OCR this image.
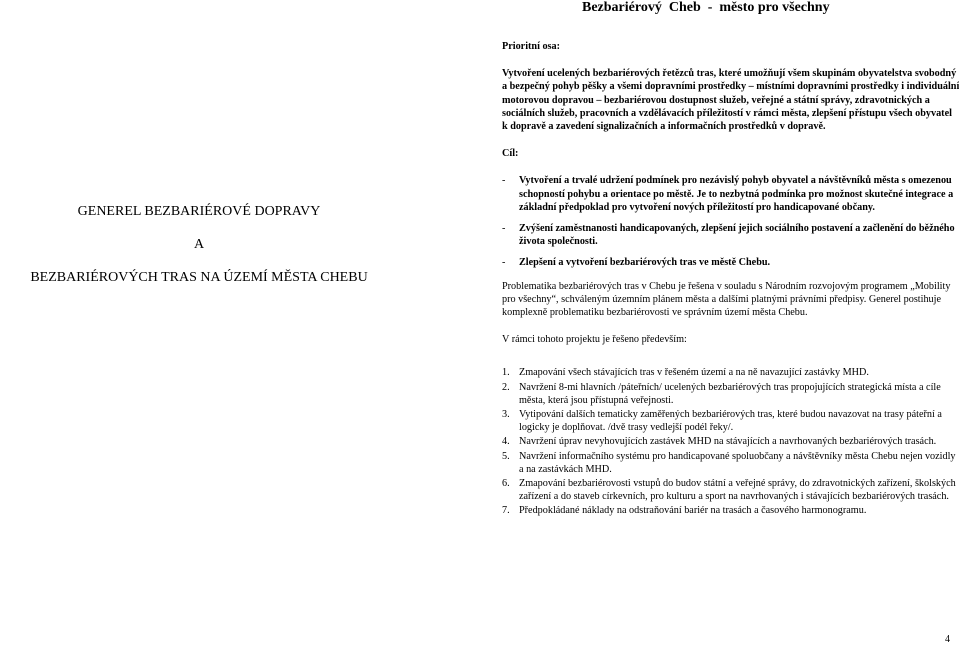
Bezbariérový  Cheb  -  město pro všechny
GENEREL BEZBARIÉROVÉ DOPRAVY
A
BEZBARIÉROVÝCH TRAS NA ÚZEMÍ MĚSTA CHEBU
Prioritní osa:
Vytvoření ucelených bezbariérových řetězců tras, které umožňují všem skupinám obyvatelstva svobodný a bezpečný pohyb pěšky a všemi dopravními prostředky – místními dopravními prostředky i individuální motorovou dopravou – bezbariérovou dostupnost služeb, veřejné a státní správy, zdravotnických a sociálních služeb, pracovních a vzdělávacích příležitostí v rámci města, zlepšení přístupu všech obyvatel k dopravě a zavedení signalizačních a informačních prostředků v dopravě.
Cíl:
-	Vytvoření a trvalé udržení podmínek pro nezávislý pohyb obyvatel a návštěvníků města s omezenou schopností pohybu a orientace po městě. Je to nezbytná podmínka pro možnost skutečné integrace a základní předpoklad pro vytvoření nových příležitostí pro handicapované občany.
-	Zvýšení zaměstnanosti handicapovaných, zlepšení jejich sociálního postavení a začlenění do běžného života společnosti.
-	Zlepšení a vytvoření bezbariérových tras ve městě Chebu.
Problematika bezbariérových tras v Chebu je řešena v souladu s Národním rozvojovým programem „Mobility pro všechny“, schváleným územním plánem města a dalšími platnými právními předpisy. Generel postihuje komplexně problematiku bezbariérovosti ve správním území města Chebu.
V rámci tohoto projektu je řešeno především:
1. Zmapování všech stávajících tras v řešeném území a na ně navazující zastávky MHD.
2. Navržení 8-mi hlavních /páteřních/ ucelených bezbariérových tras propojujících strategická místa a cíle města, která jsou přístupná veřejnosti.
3. Vytipování dalších tematicky zaměřených bezbariérových tras, které budou navazovat na trasy páteřní a logicky je doplňovat. /dvě trasy vedlejší podél řeky/.
4. Navržení úprav nevyhovujících zastávek MHD na stávajících a navrhovaných bezbariérových trasách.
5. Navržení informačního systému pro handicapované spoluobčany a návštěvníky města Chebu nejen vozidly a na zastávkách MHD.
6. Zmapování bezbariérovosti vstupů do budov státní a veřejné správy, do zdravotnických zařízení, školských zařízení a do staveb církevních, pro kulturu a sport na navrhovaných i stávajících bezbariérových trasách.
7. Předpokládané náklady na odstraňování bariér na trasách a časového harmonogramu.
4
